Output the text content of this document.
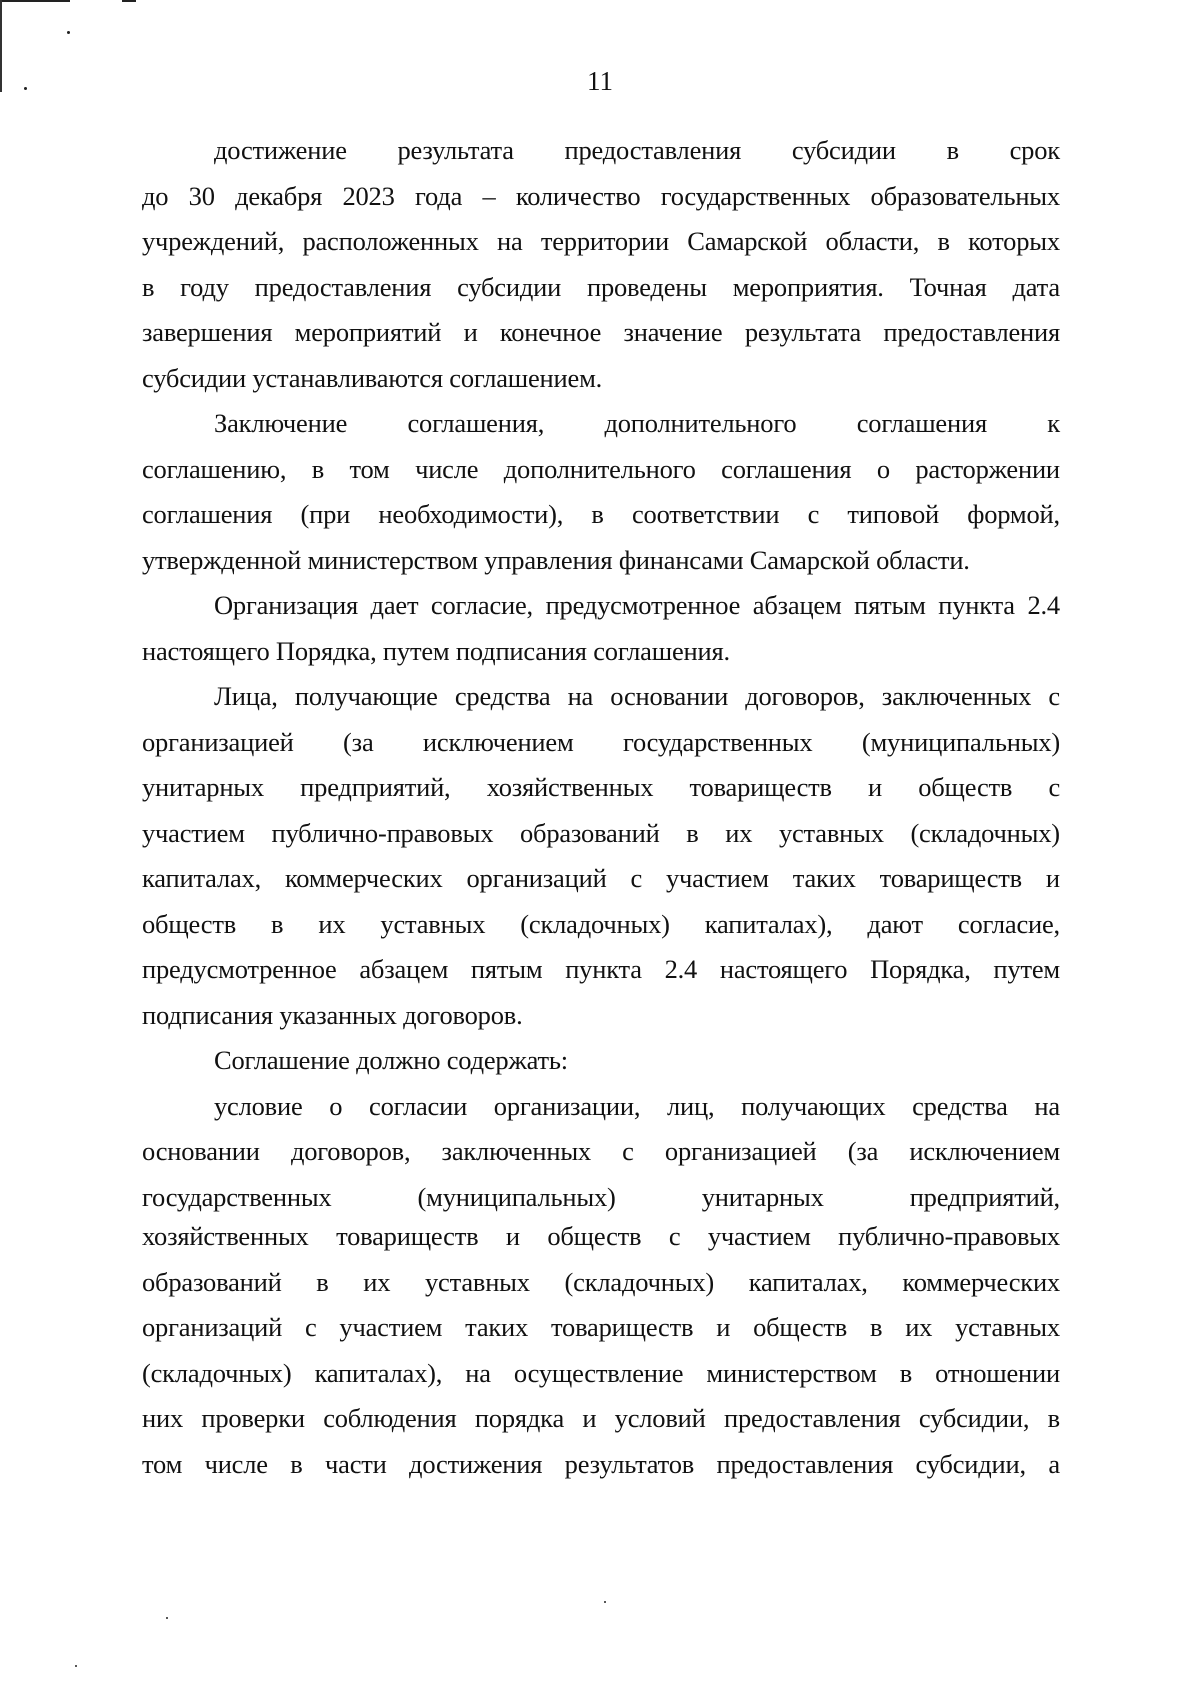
11

достижение результата предоставления субсидии в срок
до 30 декабря 2023 года – количество государственных образовательных
учреждений, расположенных на территории Самарской области, в которых
в году предоставления субсидии проведены мероприятия. Точная дата
завершения мероприятий и конечное значение результата предоставления
субсидии устанавливаются соглашением.

Заключение соглашения, дополнительного соглашения к
соглашению, в том числе дополнительного соглашения о расторжении
соглашения (при необходимости), в соответствии с типовой формой,
утвержденной министерством управления финансами Самарской области.

Организация дает согласие, предусмотренное абзацем пятым пункта 2.4
настоящего Порядка, путем подписания соглашения.

Лица, получающие средства на основании договоров, заключенных с
организацией (за исключением государственных (муниципальных)
унитарных предприятий, хозяйственных товариществ и обществ с
участием публично-правовых образований в их уставных (складочных)
капиталах, коммерческих организаций с участием таких товариществ и
обществ в их уставных (складочных) капиталах), дают согласие,
предусмотренное абзацем пятым пункта 2.4 настоящего Порядка, путем
подписания указанных договоров.

Соглашение должно содержать:

условие о согласии организации, лиц, получающих средства на
основании договоров, заключенных с организацией (за исключением
государственных	(муниципальных)	унитарных	предприятий,
хозяйственных товариществ и обществ с участием публично-правовых
образований в их уставных (складочных) капиталах, коммерческих
организаций с участием таких товариществ и обществ в их уставных
(складочных) капиталах), на осуществление министерством в отношении
них проверки соблюдения порядка и условий предоставления субсидии, в
том числе в части достижения результатов предоставления субсидии, а
